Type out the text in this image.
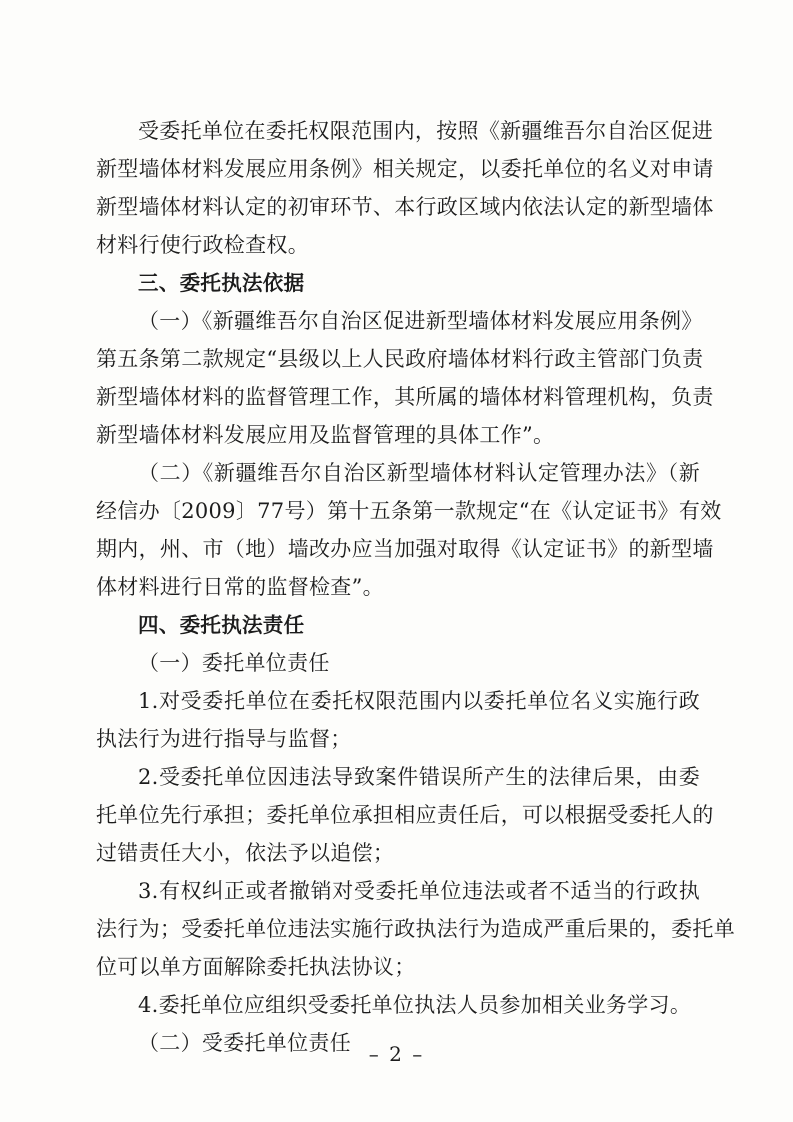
受委托单位在委托权限范围内，按照《新疆维吾尔自治区促进

新型墙体材料发展应用条例》相关规定，以委托单位的名义对申请

新型墙体材料认定的初审环节、本行政区域内依法认定的新型墙体

材料行使行政检查权。

三、委托执法依据

（一）《新疆维吾尔自治区促进新型墙体材料发展应用条例》

第五条第二款规定“县级以上人民政府墙体材料行政主管部门负责

新型墙体材料的监督管理工作，其所属的墙体材料管理机构，负责

新型墙体材料发展应用及监督管理的具体工作”。

（二）《新疆维吾尔自治区新型墙体材料认定管理办法》（新

经信办〔2009〕77号）第十五条第一款规定“在《认定证书》有效

期内，州、市（地）墙改办应当加强对取得《认定证书》的新型墙

体材料进行日常的监督检查”。

四、委托执法责任

（一）委托单位责任

1.对受委托单位在委托权限范围内以委托单位名义实施行政

执法行为进行指导与监督；

2.受委托单位因违法导致案件错误所产生的法律后果，由委

托单位先行承担；委托单位承担相应责任后，可以根据受委托人的

过错责任大小，依法予以追偿；

3.有权纠正或者撤销对受委托单位违法或者不适当的行政执

法行为；受委托单位违法实施行政执法行为造成严重后果的，委托单

位可以单方面解除委托执法协议；

4.委托单位应组织受委托单位执法人员参加相关业务学习。

（二）受委托单位责任 – 2 –
